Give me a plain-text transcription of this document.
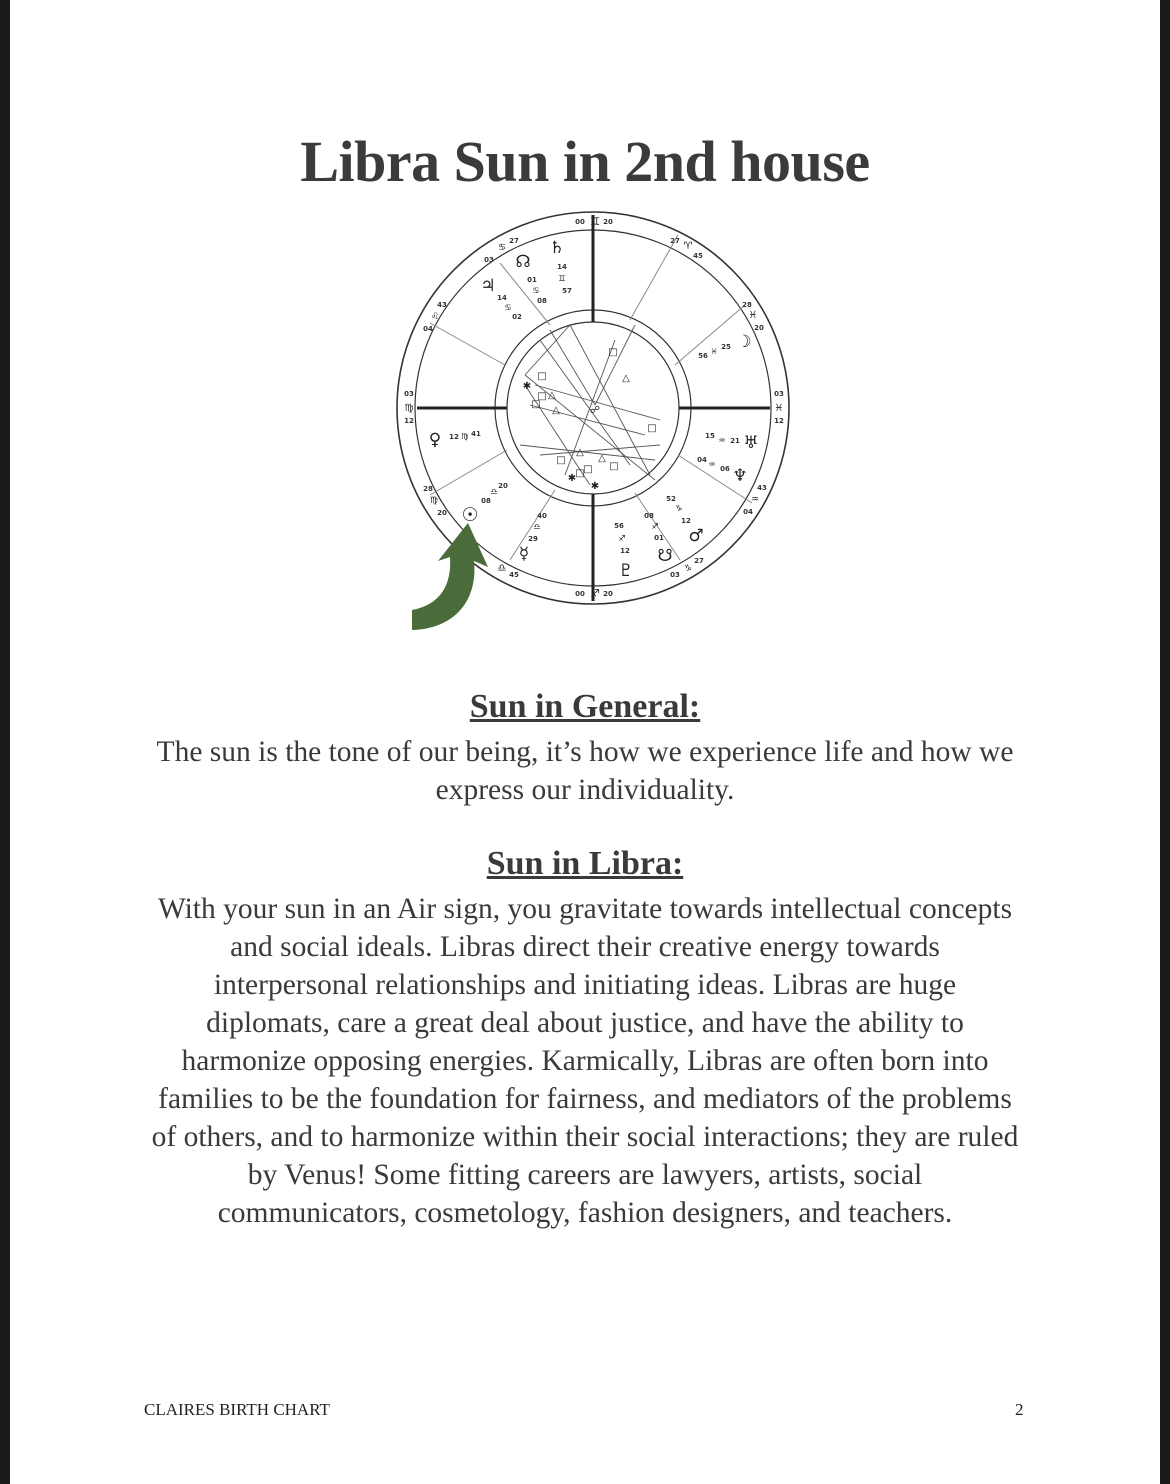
Libra Sun in 2nd house
□
△
□
✱
□ △
△
□
☍
□
△
△
□
□
□
□
✱
✱
00 ♊ 20
00 ♐ 20
03
♍
12
03
♓
12
03
♋
27	27 ♈
45
43
♌
04
28
♓
20
28
♍
20
43
♒
04
♎
45	03
♑
27
♄
14
♊
57
☊
01
♋
08
♃
14
♋
02
☽
25
♓
56
♀ 12 ♍ 41	♅
21
♒
15
♆
06
♒
04
☉
08
♎
20
☿
29
♎
40
♇
12
♐
56
☋
01
♐
08
♂
12
♑
52
Sun in General:
The sun is the tone of our being, it’s how we experience life and how we express our individuality.
Sun in Libra:
With your sun in an Air sign, you gravitate towards intellectual concepts and social ideals. Libras direct their creative energy towards interpersonal relationships and initiating ideas. Libras are huge diplomats, care a great deal about justice, and have the ability to harmonize opposing energies. Karmically, Libras are often born into families to be the foundation for fairness, and mediators of the problems of others, and to harmonize within their social interactions; they are ruled by Venus! Some fitting careers are lawyers, artists, social communicators, cosmetology, fashion designers, and teachers.
CLAIRES BIRTH CHART	2
